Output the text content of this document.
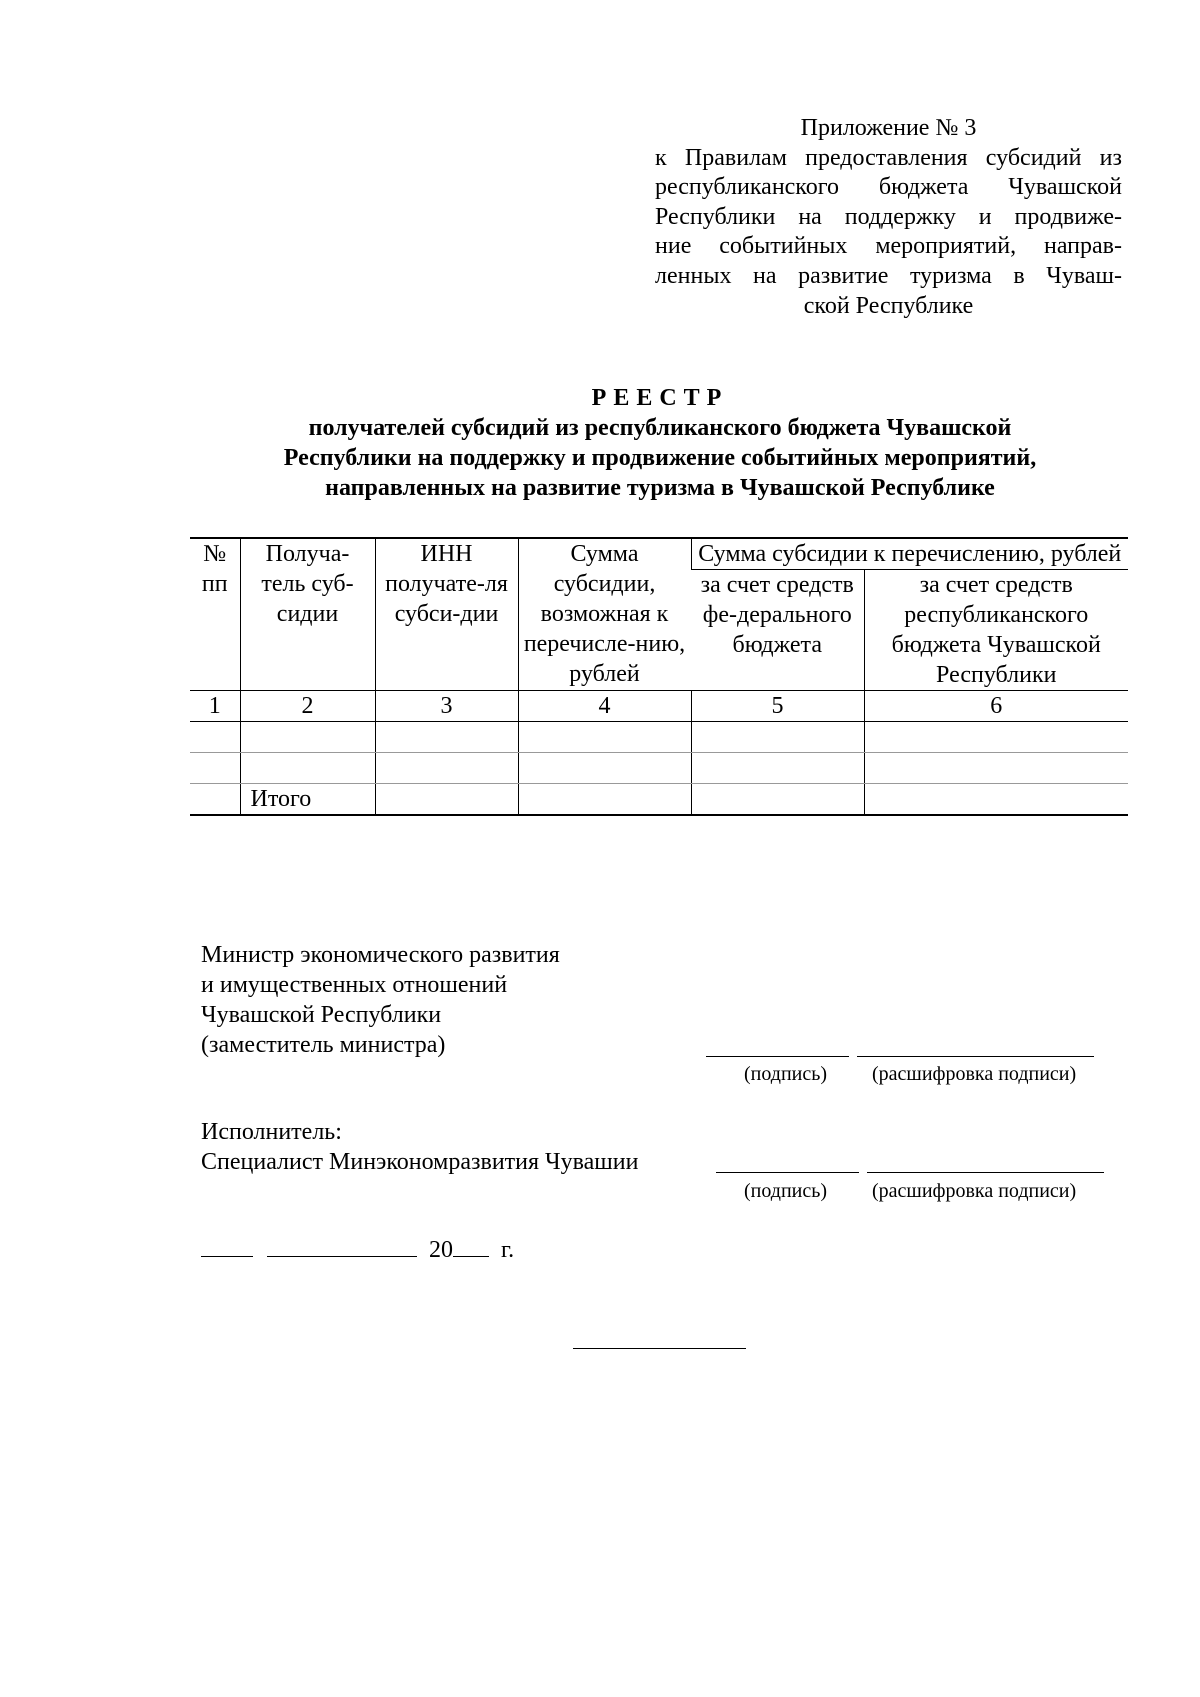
Приложение № 3
к Правилам предоставления субсидий из
республиканского бюджета Чувашской
Республики на поддержку и продвиже-
ние событийных мероприятий, направ-
ленных на развитие туризма в Чуваш-
ской Республике
РЕЕСТР
получателей субсидий из республиканского бюджета Чувашской
Республики на поддержку и продвижение событийных мероприятий,
направленных на развитие туризма в Чувашской Республике
№ пп	Получа-тель суб-сидии	ИНН получате-ля субси-дии	Сумма субсидии, возможная к перечисле-нию, рублей	Сумма субсидии к перечислению, рублей	
				за счет средств фе-дерального бюджета	за счет средств республиканского бюджета Чувашской Республики
1	2	3	4	5	6

	Итого				
Министр экономического развития
и имущественных отношений
Чувашской Республики
(заместитель министра)
(подпись) (расшифровка подписи)
Исполнитель:
Специалист Минэкономразвития Чувашии
(подпись) (расшифровка подписи)
20 г.
